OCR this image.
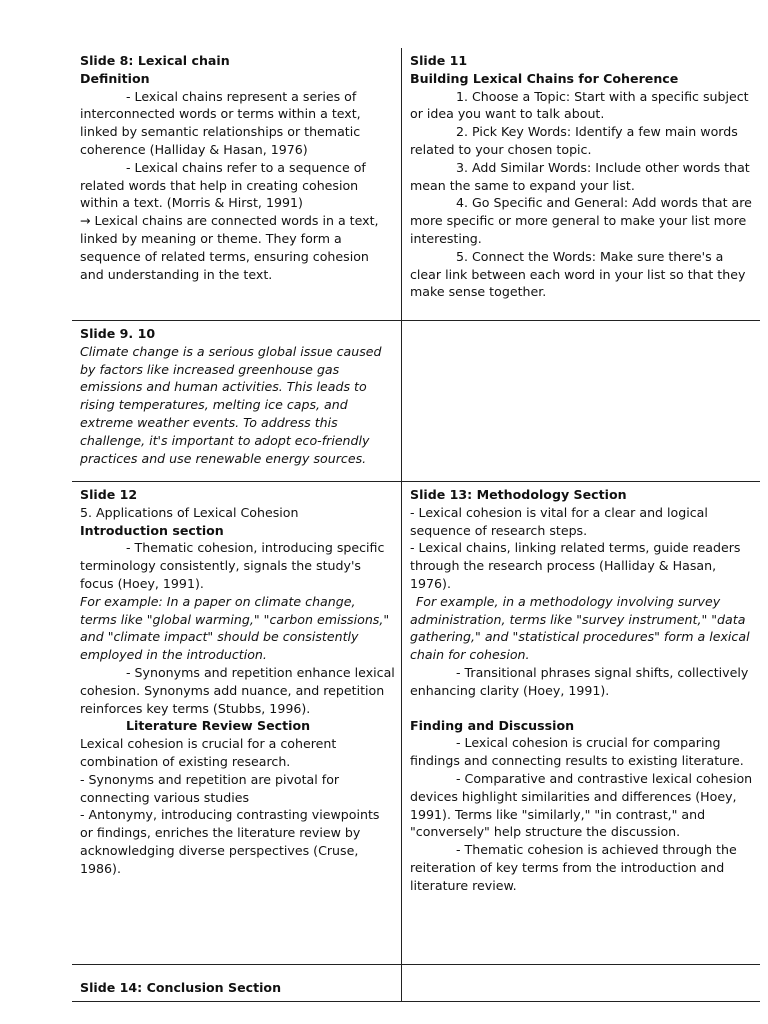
Slide 8: Lexical chain

Definition

- Lexical chains represent a series of interconnected words or terms within a text, linked by semantic relationships or thematic coherence (Halliday & Hasan, 1976)

- Lexical chains refer to a sequence of related words that help in creating cohesion within a text. (Morris & Hirst, 1991)

→ Lexical chains are connected words in a text, linked by meaning or theme. They form a sequence of related terms, ensuring cohesion and understanding in the text.

Slide 11

Building Lexical Chains for Coherence

1. Choose a Topic: Start with a specific subject or idea you want to talk about.

2. Pick Key Words: Identify a few main words related to your chosen topic.

3. Add Similar Words: Include other words that mean the same to expand your list.

4. Go Specific and General: Add words that are more specific or more general to make your list more interesting.

5. Connect the Words: Make sure there's a clear link between each word in your list so that they make sense together.

Slide 9. 10

Climate change is a serious global issue caused by factors like increased greenhouse gas emissions and human activities. This leads to rising temperatures, melting ice caps, and extreme weather events. To address this challenge, it's important to adopt eco-friendly practices and use renewable energy sources.

Slide 12

5. Applications of Lexical Cohesion

Introduction section

- Thematic cohesion, introducing specific terminology consistently, signals the study's focus (Hoey, 1991).

For example: In a paper on climate change, terms like "global warming," "carbon emissions," and "climate impact" should be consistently employed in the introduction.

- Synonyms and repetition enhance lexical cohesion. Synonyms add nuance, and repetition reinforces key terms (Stubbs, 1996).

Literature Review Section

Lexical cohesion is crucial for a coherent combination of existing research.

- Synonyms and repetition are pivotal for connecting various studies

- Antonymy, introducing contrasting viewpoints or findings, enriches the literature review by acknowledging diverse perspectives (Cruse, 1986).

Slide 13: Methodology Section

- Lexical cohesion is vital for a clear and logical sequence of research steps.

- Lexical chains, linking related terms, guide readers through the research process (Halliday & Hasan, 1976).

For example, in a methodology involving survey administration, terms like "survey instrument," "data gathering," and "statistical procedures" form a lexical chain for cohesion.

- Transitional phrases signal shifts, collectively enhancing clarity (Hoey, 1991).

Finding and Discussion

- Lexical cohesion is crucial for comparing findings and connecting results to existing literature.

- Comparative and contrastive lexical cohesion devices highlight similarities and differences (Hoey, 1991). Terms like "similarly," "in contrast," and "conversely" help structure the discussion.

- Thematic cohesion is achieved through the reiteration of key terms from the introduction and literature review.

Slide 14: Conclusion Section
